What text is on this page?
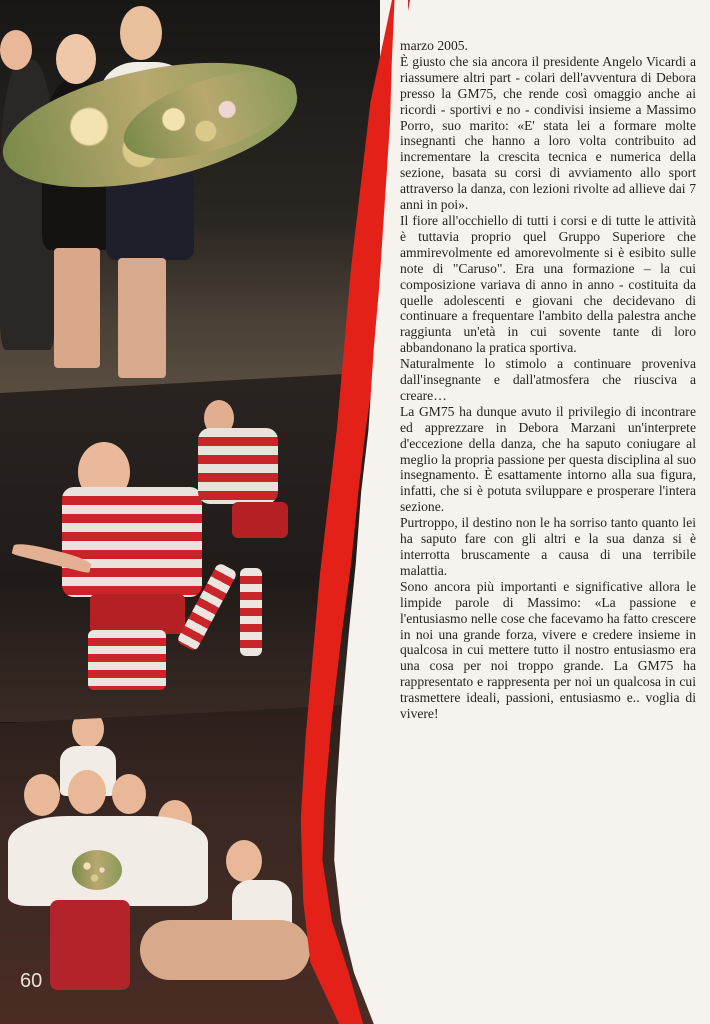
60

marzo 2005.

È giusto che sia ancora il presidente Angelo Vicardi a riassumere altri part - colari dell'avventura di Debora presso la GM75, che rende così omaggio anche ai ricordi - sportivi e no - condivisi insieme a Massimo Porro, suo marito: «E' stata lei a formare molte insegnanti che hanno a loro volta contribuito ad incrementare la crescita tecnica e numerica della sezione, basata su corsi di avviamento allo sport attraverso la danza, con lezioni rivolte ad allieve dai 7 anni in poi».

Il fiore all'occhiello di tutti i corsi e di tutte le attività è tuttavia proprio quel Gruppo Superiore che ammirevolmente ed amorevolmente si è esibito sulle note di "Caruso". Era una formazione – la cui composizione variava di anno in anno - costituita da quelle adolescenti e giovani che decidevano di continuare a frequentare l'ambito della palestra anche raggiunta un'età in cui sovente tante di loro abbandonano la pratica sportiva.

Naturalmente lo stimolo a continuare proveniva dall'insegnante e dall'atmosfera che riusciva a creare…

La GM75 ha dunque avuto il privilegio di incontrare ed apprezzare in Debora Marzani un'interprete d'eccezione della danza, che ha saputo coniugare al meglio la propria passione per questa disciplina al suo insegnamento. È esattamente intorno alla sua figura, infatti, che si è potuta sviluppare e prosperare l'intera sezione.

Purtroppo, il destino non le ha sorriso tanto quanto lei ha saputo fare con gli altri e la sua danza si è interrotta bruscamente a causa di una terribile malattia.

Sono ancora più importanti e significative allora le limpide parole di Massimo: «La passione e l'entusiasmo nelle cose che facevamo ha fatto crescere in noi una grande forza, vivere e credere insieme in qualcosa in cui mettere tutto il nostro entusiasmo era una cosa per noi troppo grande. La GM75 ha rappresentato e rappresenta per noi un qualcosa in cui trasmettere ideali, passioni, entusiasmo e.. voglia di vivere!
